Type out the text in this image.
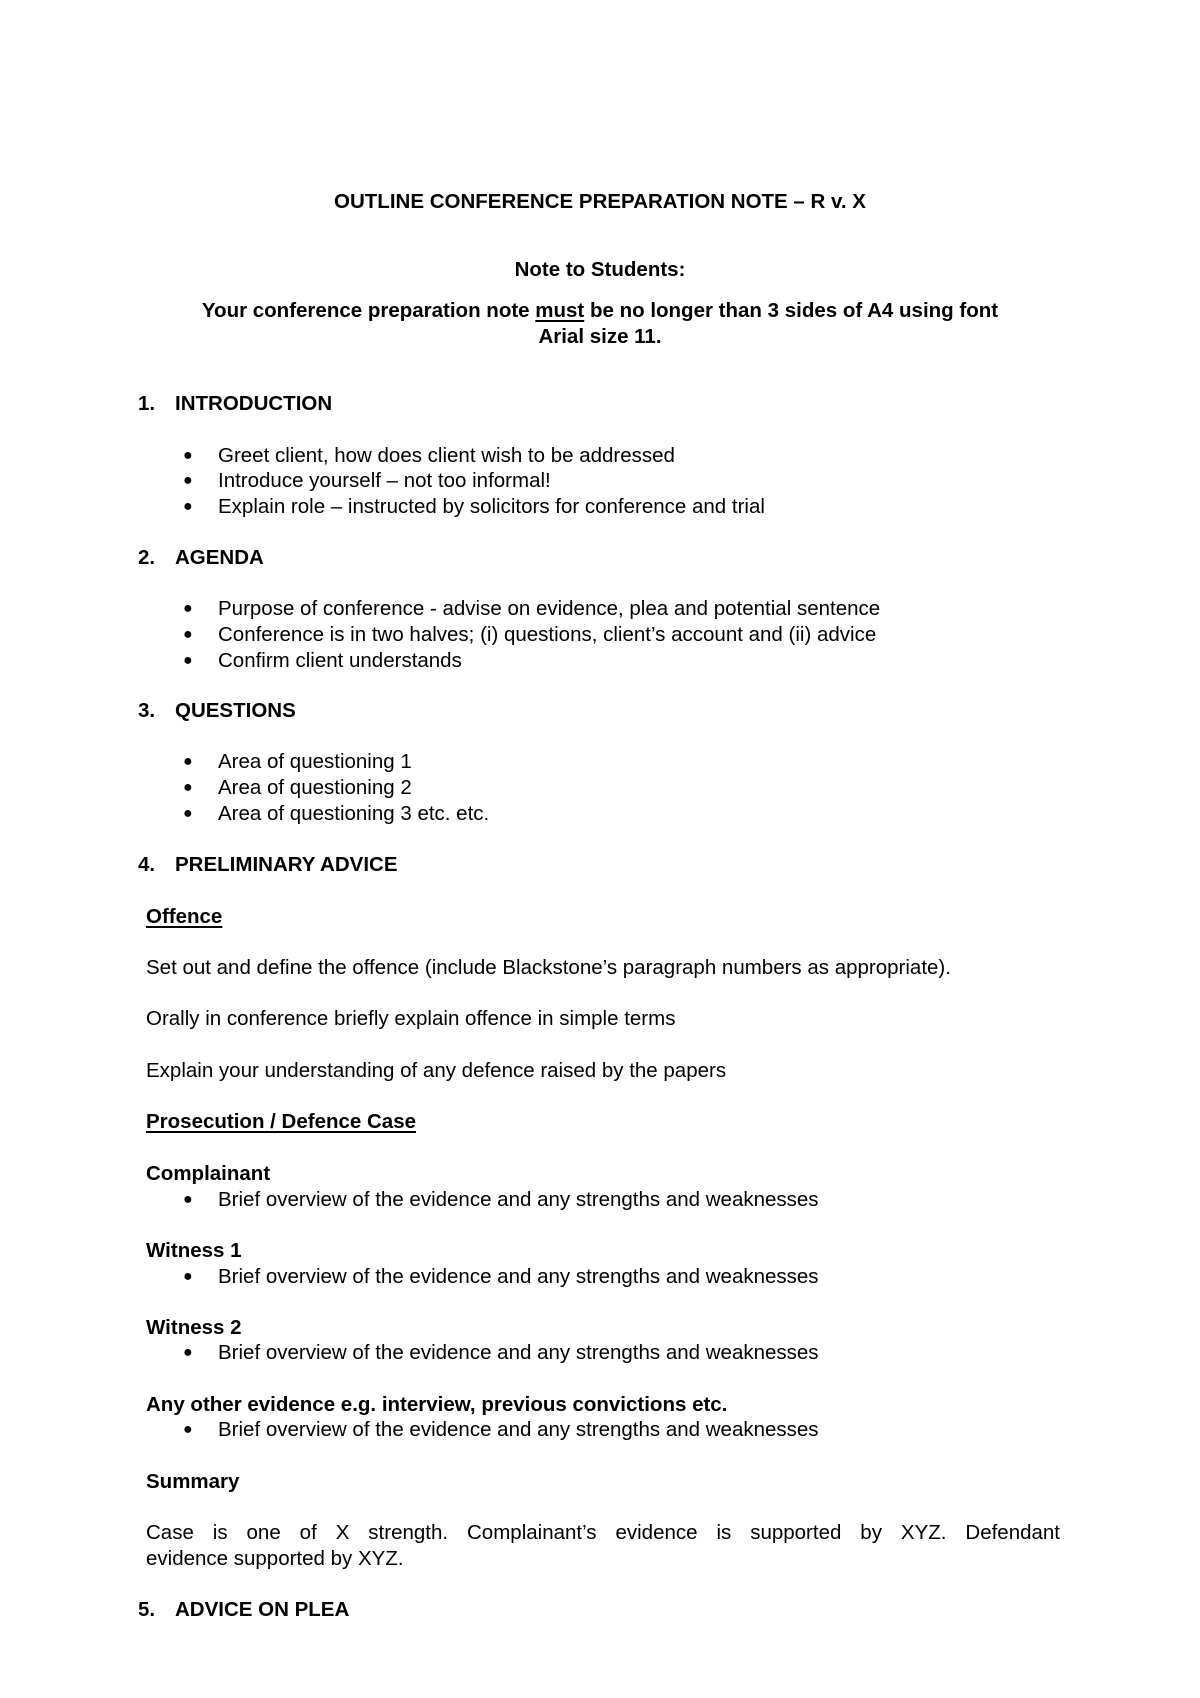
OUTLINE CONFERENCE PREPARATION NOTE – R v. X
Note to Students:
Your conference preparation note must be no longer than 3 sides of A4 using font
Arial size 11.
1. INTRODUCTION
● Greet client, how does client wish to be addressed
● Introduce yourself – not too informal!
● Explain role – instructed by solicitors for conference and trial
2. AGENDA
● Purpose of conference - advise on evidence, plea and potential sentence
● Conference is in two halves; (i) questions, client’s account and (ii) advice
● Confirm client understands
3. QUESTIONS
● Area of questioning 1
● Area of questioning 2
● Area of questioning 3 etc. etc.
4. PRELIMINARY ADVICE
Offence
Set out and define the offence (include Blackstone’s paragraph numbers as appropriate).
Orally in conference briefly explain offence in simple terms
Explain your understanding of any defence raised by the papers
Prosecution / Defence Case
Complainant
● Brief overview of the evidence and any strengths and weaknesses
Witness 1
● Brief overview of the evidence and any strengths and weaknesses
Witness 2
● Brief overview of the evidence and any strengths and weaknesses
Any other evidence e.g. interview, previous convictions etc.
● Brief overview of the evidence and any strengths and weaknesses
Summary
Case is one of X strength. Complainant’s evidence is supported by XYZ. Defendant
evidence supported by XYZ.
5. ADVICE ON PLEA
